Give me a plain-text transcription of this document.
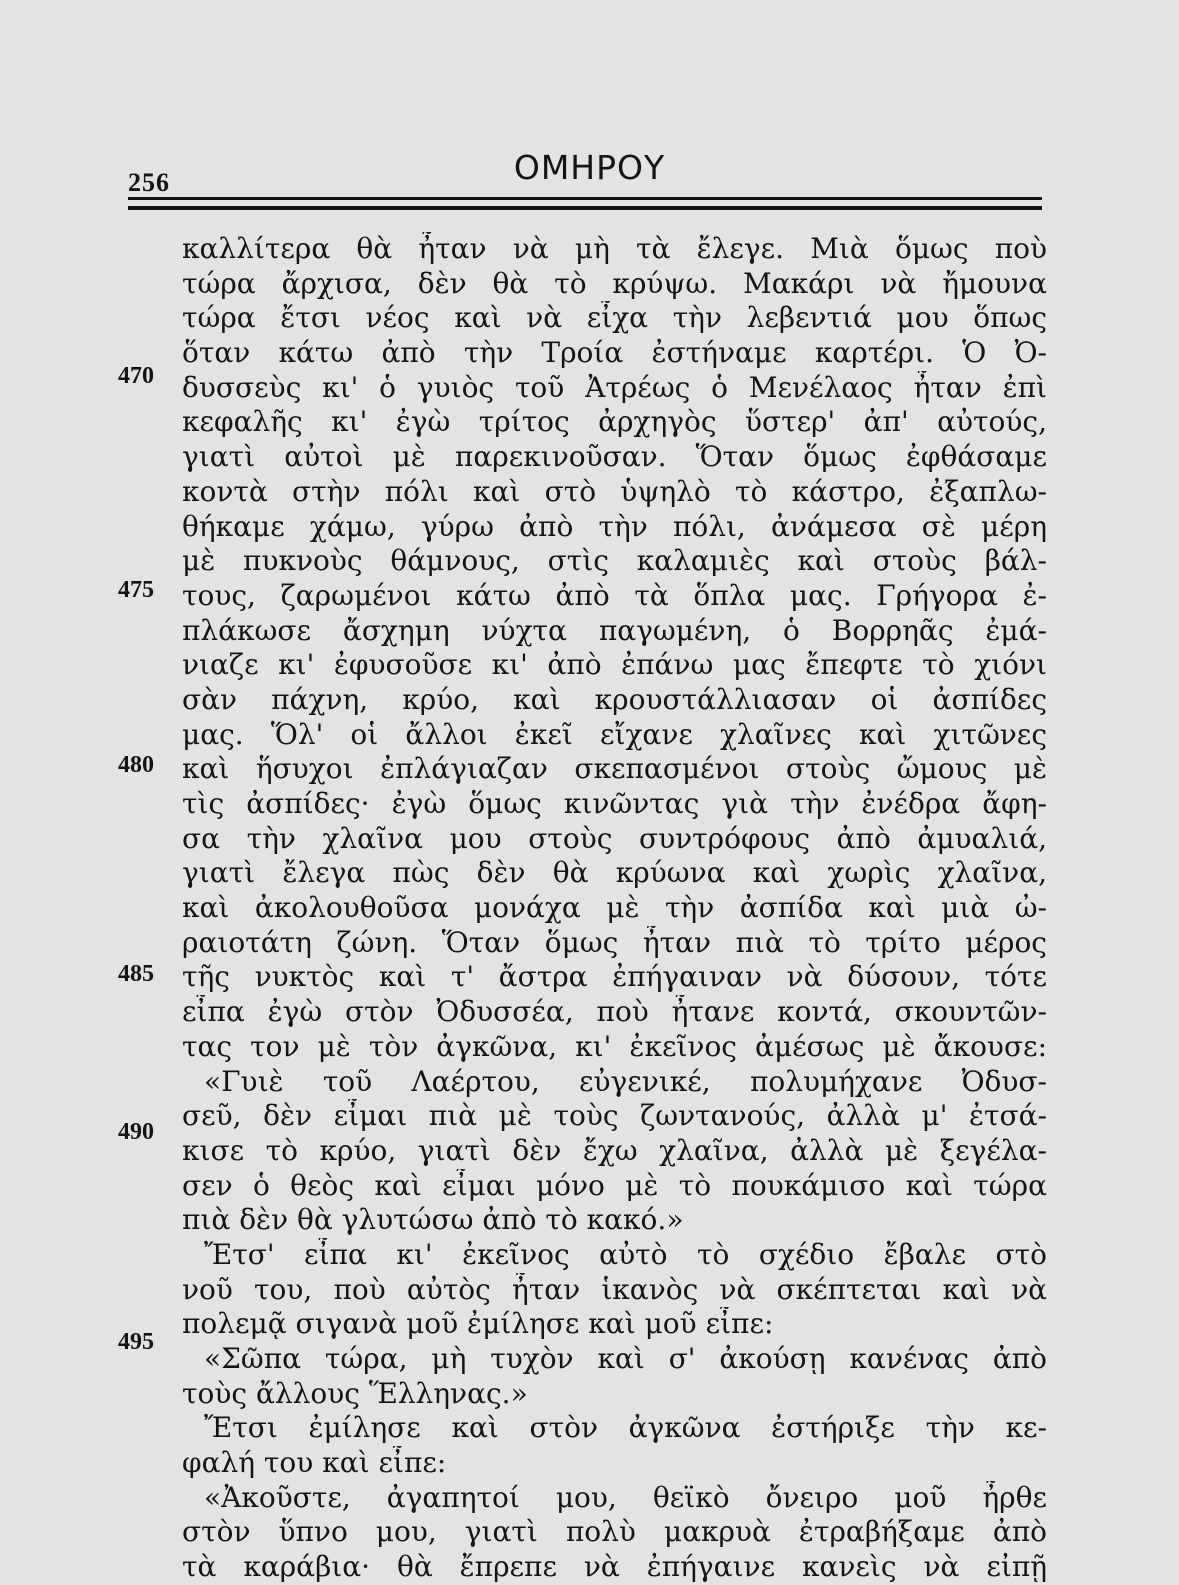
256	ΟΜΗΡΟΥ
καλλίτερα θὰ ἦταν νὰ μὴ τὰ ἔλεγε. Μιὰ ὅμως ποὺ
τώρα ἄρχισα, δὲν θὰ τὸ κρύψω. Μακάρι νὰ ἤμουνα
τώρα ἔτσι νέος καὶ νὰ εἶχα τὴν λεβεντιά μου ὅπως
ὅταν κάτω ἀπὸ τὴν Τροία ἐστήναμε καρτέρι. Ὁ Ὀ-
δυσσεὺς κι' ὁ γυιὸς τοῦ Ἀτρέως ὁ Μενέλαος ἦταν ἐπὶ
κεφαλῆς κι' ἐγὼ τρίτος ἀρχηγὸς ὕστερ' ἀπ' αὐτούς,
γιατὶ αὐτοὶ μὲ παρεκινοῦσαν. Ὅταν ὅμως ἐφθάσαμε
κοντὰ στὴν πόλι καὶ στὸ ὑψηλὸ τὸ κάστρο, ἐξαπλω-
θήκαμε χάμω, γύρω ἀπὸ τὴν πόλι, ἀνάμεσα σὲ μέρη
μὲ πυκνοὺς θάμνους, στὶς καλαμιὲς καὶ στοὺς βάλ-
τους, ζαρωμένοι κάτω ἀπὸ τὰ ὅπλα μας. Γρήγορα ἐ-
πλάκωσε ἄσχημη νύχτα παγωμένη, ὁ Βορρηᾶς ἐμά-
νιαζε κι' ἐφυσοῦσε κι' ἀπὸ ἐπάνω μας ἔπεφτε τὸ χιόνι
σὰν πάχνη, κρύο, καὶ κρουστάλλιασαν οἱ ἀσπίδες
μας. Ὅλ' οἱ ἄλλοι ἐκεῖ εἴχανε χλαῖνες καὶ χιτῶνες
καὶ ἥσυχοι ἐπλάγιαζαν σκεπασμένοι στοὺς ὤμους μὲ
τὶς ἀσπίδες· ἐγὼ ὅμως κινῶντας γιὰ τὴν ἐνέδρα ἄφη-
σα τὴν χλαῖνα μου στοὺς συντρόφους ἀπὸ ἀμυαλιά,
γιατὶ ἔλεγα πὼς δὲν θὰ κρύωνα καὶ χωρὶς χλαῖνα,
καὶ ἀκολουθοῦσα μονάχα μὲ τὴν ἀσπίδα καὶ μιὰ ὠ-
ραιοτάτη ζώνη. Ὅταν ὅμως ἦταν πιὰ τὸ τρίτο μέρος
τῆς νυκτὸς καὶ τ' ἄστρα ἐπήγαιναν νὰ δύσουν, τότε
εἶπα ἐγὼ στὸν Ὀδυσσέα, ποὺ ἦτανε κοντά, σκουντῶν-
τας τον μὲ τὸν ἀγκῶνα, κι' ἐκεῖνος ἀμέσως μὲ ἄκουσε:
«Γυιὲ τοῦ Λαέρτου, εὐγενικέ, πολυμήχανε Ὀδυσ-
σεῦ, δὲν εἶμαι πιὰ μὲ τοὺς ζωντανούς, ἀλλὰ μ' ἐτσά-
κισε τὸ κρύο, γιατὶ δὲν ἔχω χλαῖνα, ἀλλὰ μὲ ξεγέλα-
σεν ὁ θεὸς καὶ εἶμαι μόνο μὲ τὸ πουκάμισο καὶ τώρα
πιὰ δὲν θὰ γλυτώσω ἀπὸ τὸ κακό.»
Ἔτσ' εἶπα κι' ἐκεῖνος αὐτὸ τὸ σχέδιο ἔβαλε στὸ
νοῦ του, ποὺ αὐτὸς ἦταν ἱκανὸς νὰ σκέπτεται καὶ νὰ
πολεμᾷ σιγανὰ μοῦ ἐμίλησε καὶ μοῦ εἶπε:
«Σῶπα τώρα, μὴ τυχὸν καὶ σ' ἀκούσῃ κανένας ἀπὸ
τοὺς ἄλλους Ἕλληνας.»
Ἔτσι ἐμίλησε καὶ στὸν ἀγκῶνα ἐστήριξε τὴν κε-
φαλή του καὶ εἶπε:
«Ἀκοῦστε, ἀγαπητοί μου, θεϊκὸ ὄνειρο μοῦ ἦρθε
στὸν ὕπνο μου, γιατὶ πολὺ μακρυὰ ἐτραβήξαμε ἀπὸ
τὰ καράβια· θὰ ἔπρεπε νὰ ἐπήγαινε κανεὶς νὰ εἰπῇ
470
475
480
485
490
495
